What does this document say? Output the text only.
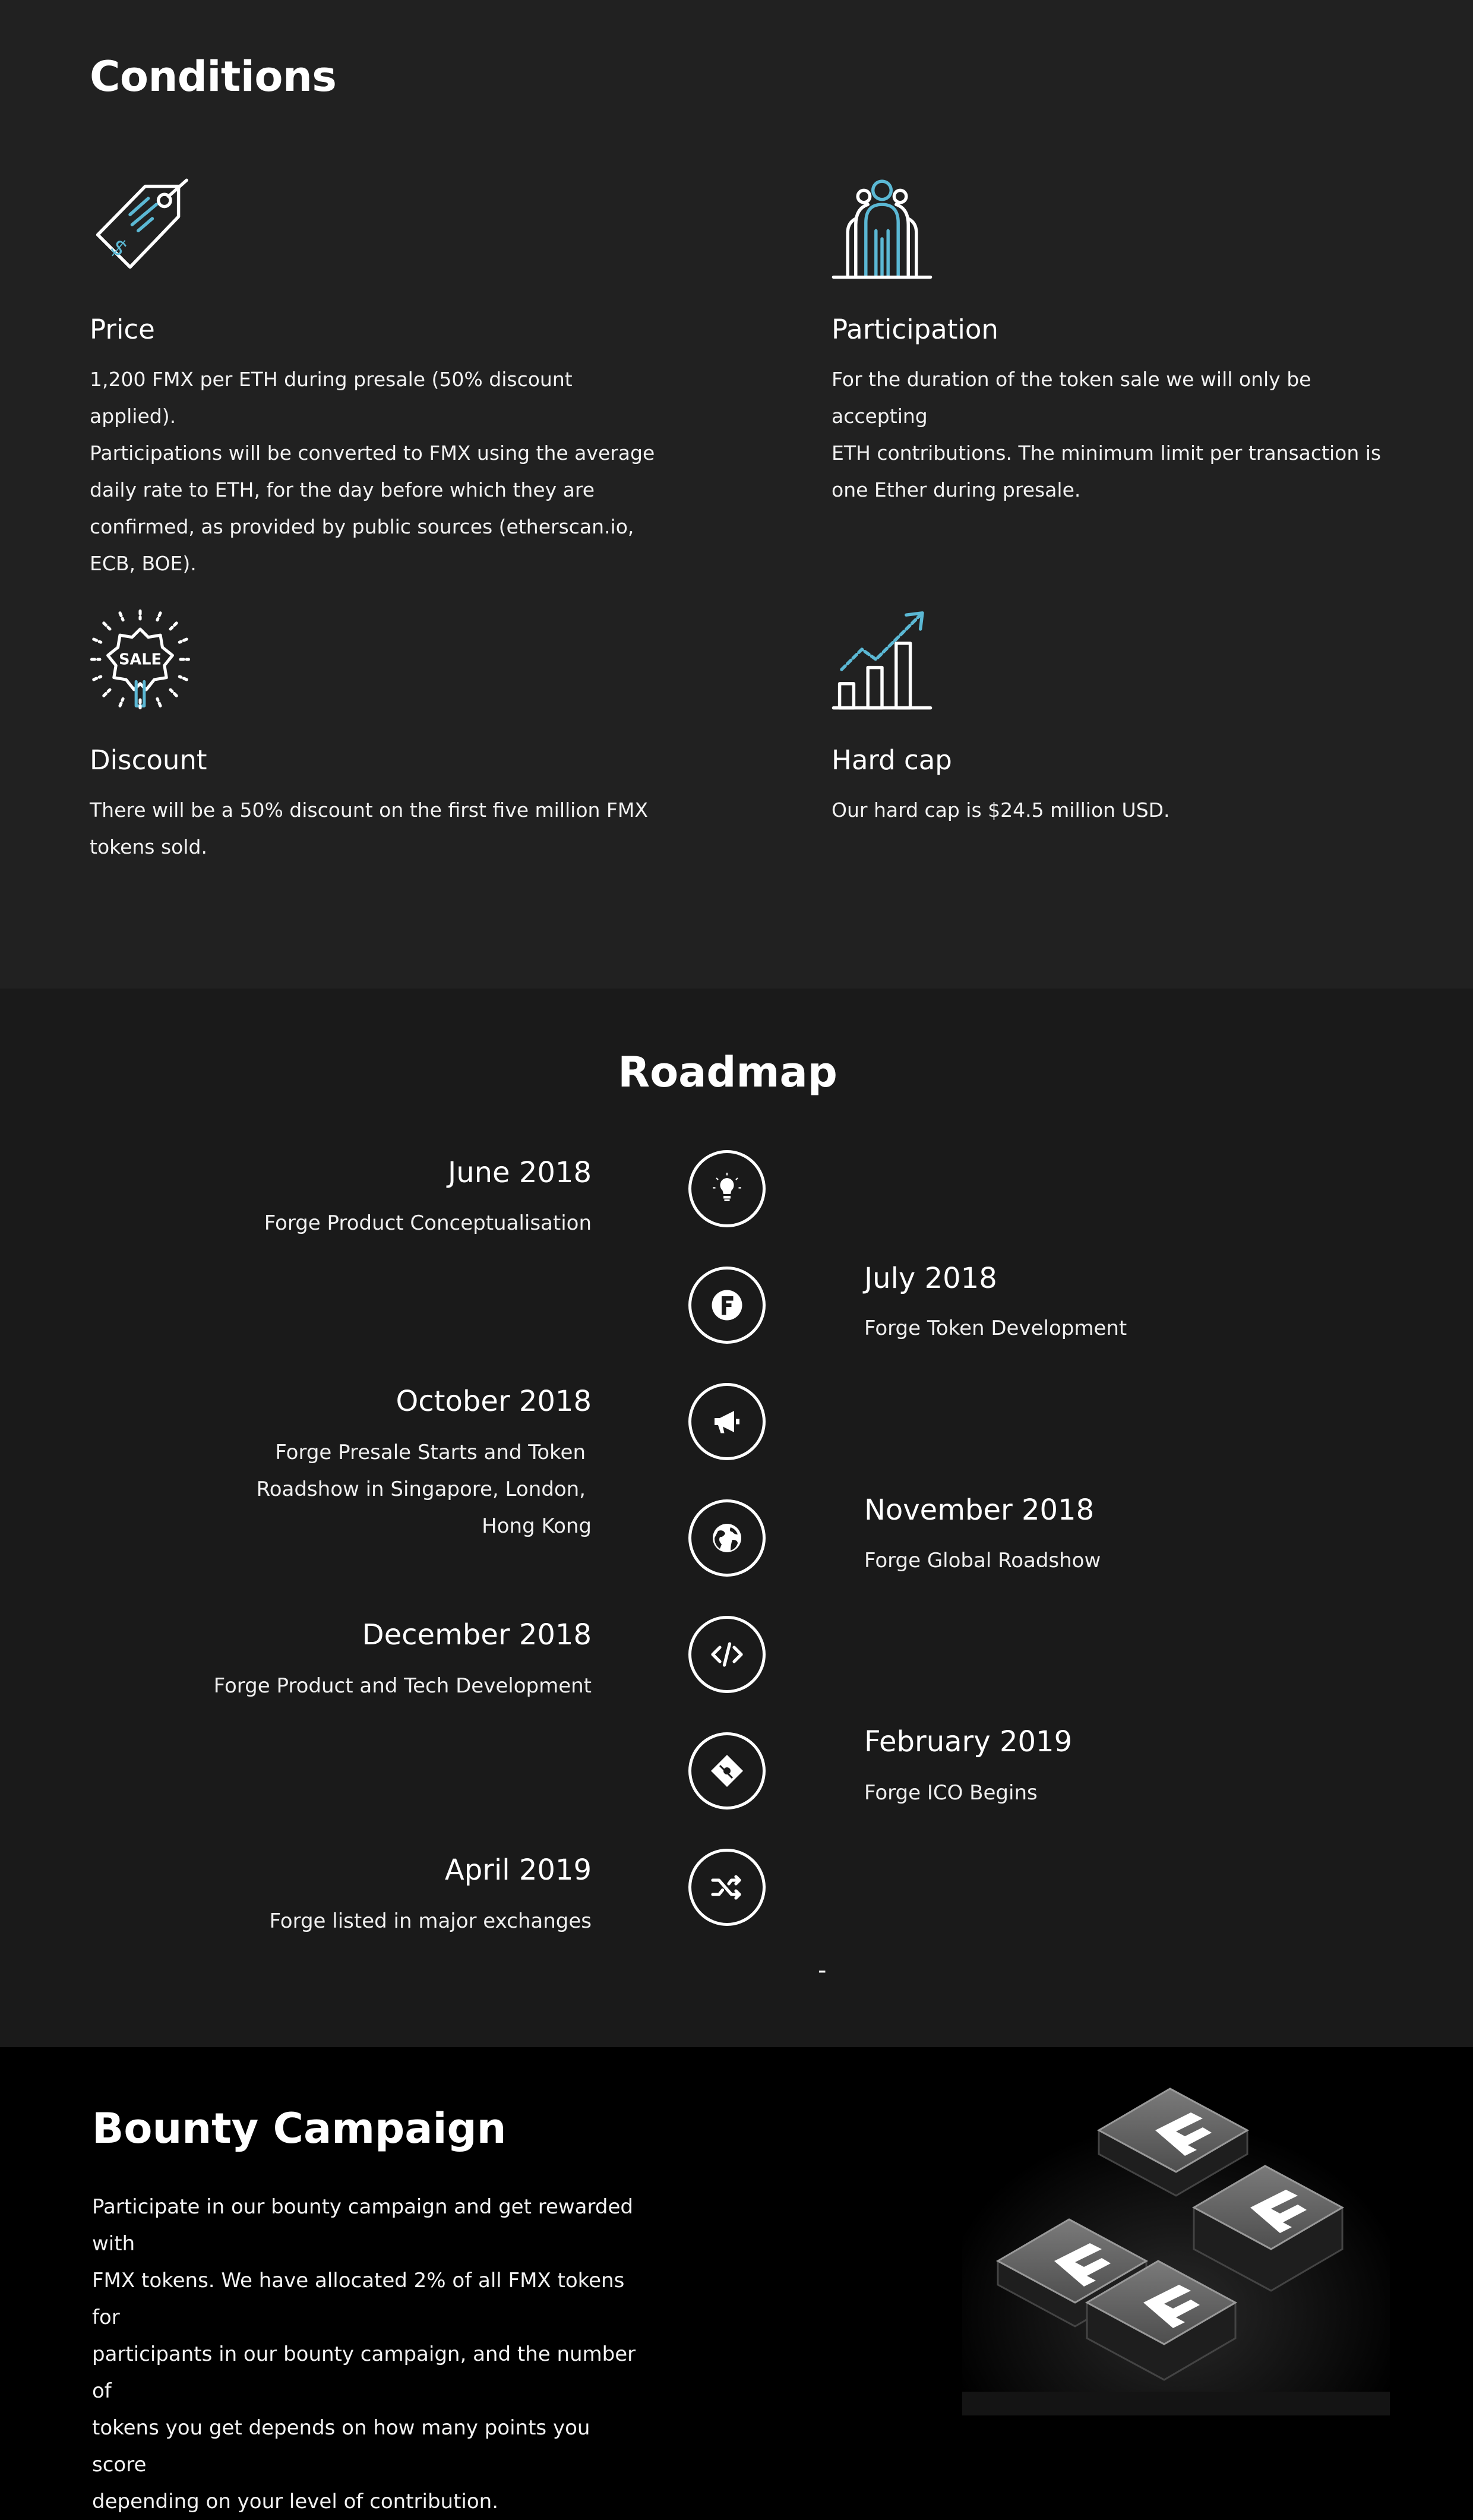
Conditions
$
Price
1,200 FMX per ETH during presale (50% discount applied).
Participations will be converted to FMX using the average
daily rate to ETH, for the day before which they are
confirmed, as provided by public sources (etherscan.io,
ECB, BOE).
Participation
For the duration of the token sale we will only be accepting
ETH contributions. The minimum limit per transaction is
one Ether during presale.
SALE
Discount
There will be a 50% discount on the first five million FMX
tokens sold.
Hard cap
Our hard cap is $24.5 million USD.
Roadmap
June 2018
Forge Product Conceptualisation
July 2018
Forge Token Development
October 2018
Forge Presale Starts and Token
Roadshow in Singapore, London,
Hong Kong	November 2018
Forge Global Roadshow
December 2018
Forge Product and Tech Development
February 2019
Forge ICO Begins
April 2019
Forge listed in major exchanges
-
Bounty Campaign
Participate in our bounty campaign and get rewarded with
FMX tokens. We have allocated 2% of all FMX tokens for
participants in our bounty campaign, and the number of
tokens you get depends on how many points you score
depending on your level of contribution.
